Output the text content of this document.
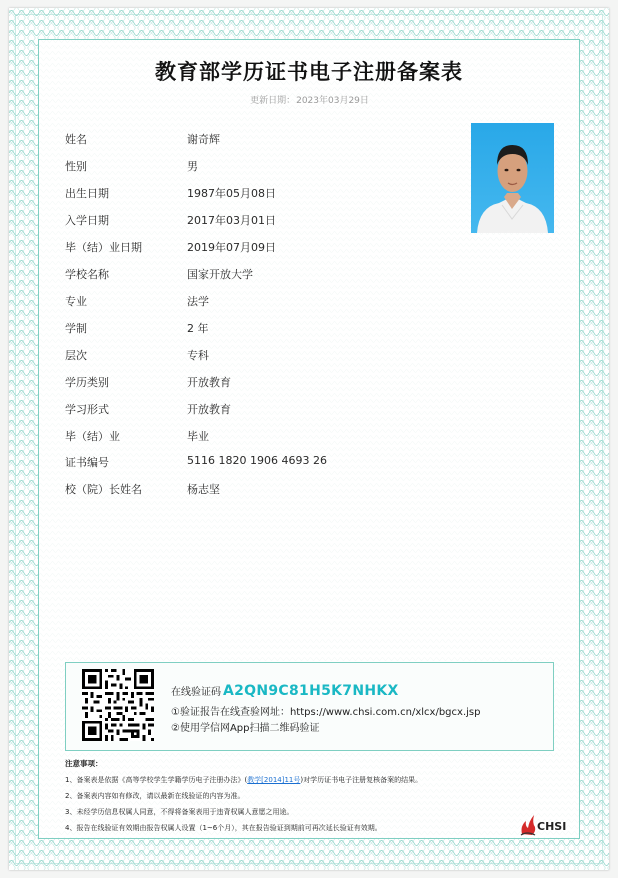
教育部学历证书电子注册备案表
更新日期：2023年03月29日
姓名	谢奇辉
性别	男
出生日期	1987年05月08日
入学日期	2017年03月01日
毕（结）业日期	2019年07月09日
学校名称	国家开放大学
专业	法学
学制	2 年
层次	专科
学历类别	开放教育
学习形式	开放教育
毕（结）业	毕业
证书编号	5116 1820 1906 4693 26
校（院）长姓名	杨志坚
在线验证码 A2QN9C81H5K7NHKX
①验证报告在线查验网址：https://www.chsi.com.cn/xlcx/bgcx.jsp
②使用学信网App扫描二维码验证
注意事项：
1、备案表是依据《高等学校学生学籍学历电子注册办法》(教学[2014]11号)对学历证书电子注册复核备案的结果。
2、备案表内容如有修改，请以最新在线验证的内容为准。
3、未经学历信息权属人同意，不得将备案表用于违背权属人意愿之用途。
4、报告在线验证有效期由报告权属人设置（1~6个月），其在报告验证到期前可再次延长验证有效期。	CHSI
